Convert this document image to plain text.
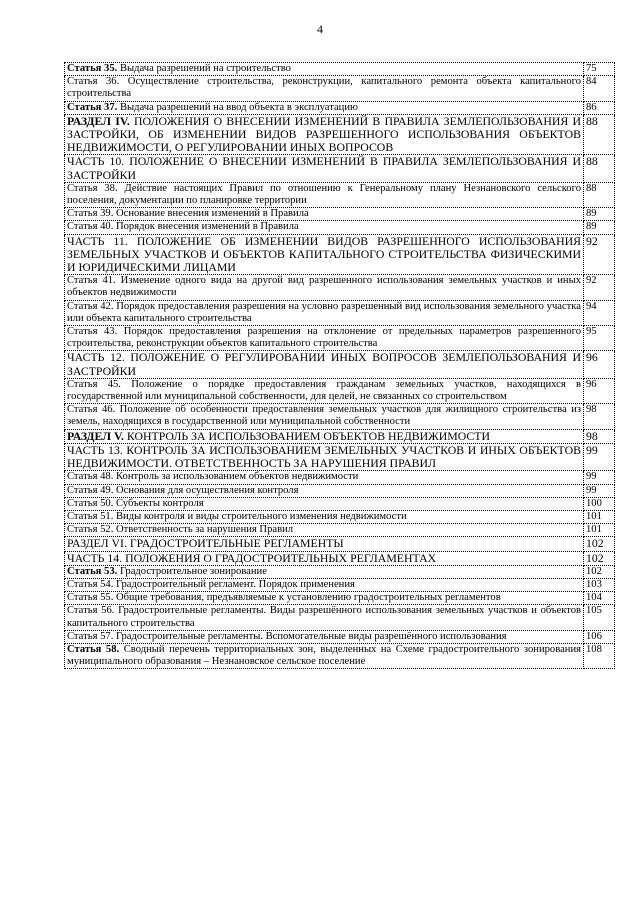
4
Статья 35. Выдача разрешений на строительство	75
Статья 36. Осуществление строительства, реконструкции, капитального ремонта объекта капитального строительства	84
Статья 37. Выдача разрешений на ввод объекта в эксплуатацию	86
РАЗДЕЛ IV. ПОЛОЖЕНИЯ О ВНЕСЕНИИ ИЗМЕНЕНИЙ В ПРАВИЛА ЗЕМЛЕПОЛЬЗОВАНИЯ И ЗАСТРОЙКИ, ОБ ИЗМЕНЕНИИ ВИДОВ РАЗРЕШЕННОГО ИСПОЛЬЗОВАНИЯ ОБЪЕКТОВ НЕДВИЖИМОСТИ, О РЕГУЛИРОВАНИИ ИНЫХ ВОПРОСОВ	88
ЧАСТЬ 10. ПОЛОЖЕНИЕ О ВНЕСЕНИИ ИЗМЕНЕНИЙ В ПРАВИЛА ЗЕМЛЕПОЛЬЗОВАНИЯ И ЗАСТРОЙКИ	88
Статья 38. Действие настоящих Правил по отношению к Генеральному плану Незнановского сельского поселения, документации по планировке территории	88
Статья 39. Основание внесения изменений в Правила	89
Статья 40. Порядок внесения изменений в Правила	89
ЧАСТЬ 11. ПОЛОЖЕНИЕ ОБ ИЗМЕНЕНИИ ВИДОВ РАЗРЕШЕННОГО ИСПОЛЬЗОВАНИЯ ЗЕМЕЛЬНЫХ УЧАСТКОВ И ОБЪЕКТОВ КАПИТАЛЬНОГО СТРОИТЕЛЬСТВА ФИЗИЧЕСКИМИ И ЮРИДИЧЕСКИМИ ЛИЦАМИ	92
Статья 41. Изменение одного вида на другой вид разрешенного использования земельных участков и иных объектов недвижимости	92
Статья 42. Порядок предоставления разрешения на условно разрешенный вид использования земельного участка или объекта капитального строительства	94
Статья 43. Порядок предоставления разрешения на отклонение от предельных параметров разрешенного строительства, реконструкции объектов капитального строительства	95
ЧАСТЬ 12. ПОЛОЖЕНИЕ О РЕГУЛИРОВАНИИ ИНЫХ ВОПРОСОВ ЗЕМЛЕПОЛЬЗОВАНИЯ И ЗАСТРОЙКИ	96
Статья 45. Положение о порядке предоставления гражданам земельных участков, находящихся в государственной или муниципальной собственности, для целей, не связанных со строительством	96
Статья 46. Положение об особенности предоставления земельных участков для жилищного строительства из земель, находящихся в государственной или муниципальной собственности	98
РАЗДЕЛ V. КОНТРОЛЬ ЗА ИСПОЛЬЗОВАНИЕМ ОБЪЕКТОВ НЕДВИЖИМОСТИ	98
ЧАСТЬ 13. КОНТРОЛЬ ЗА ИСПОЛЬЗОВАНИЕМ ЗЕМЕЛЬНЫХ УЧАСТКОВ И ИНЫХ ОБЪЕКТОВ НЕДВИЖИМОСТИ. ОТВЕТСТВЕННОСТЬ ЗА НАРУШЕНИЯ ПРАВИЛ	99
Статья 48. Контроль за использованием объектов недвижимости	99
Статья 49. Основания для осуществления контроля	99
Статья 50. Субъекты контроля	100
Статья 51. Виды контроля и виды строительного изменения недвижимости	101
Статья 52. Ответственность за нарушения Правил	101
РАЗДЕЛ VI. ГРАДОСТРОИТЕЛЬНЫЕ РЕГЛАМЕНТЫ	102
ЧАСТЬ 14. ПОЛОЖЕНИЯ О ГРАДОСТРОИТЕЛЬНЫХ РЕГЛАМЕНТАХ	102
Статья 53. Градостроительное зонирование	102
Статья 54. Градостроительный регламент. Порядок применения	103
Статья 55. Общие требования, предъявляемые к установлению градостроительных регламентов	104
Статья 56. Градостроительные регламенты. Виды разрешённого использования земельных участков и объектов капитального строительства	105
Статья 57. Градостроительные регламенты. Вспомогательные виды разрешённого использования	106
Статья 58. Сводный перечень территориальных зон, выделенных на Схеме градостроительного зонирования муниципального образования – Незнановское сельское поселение	108
